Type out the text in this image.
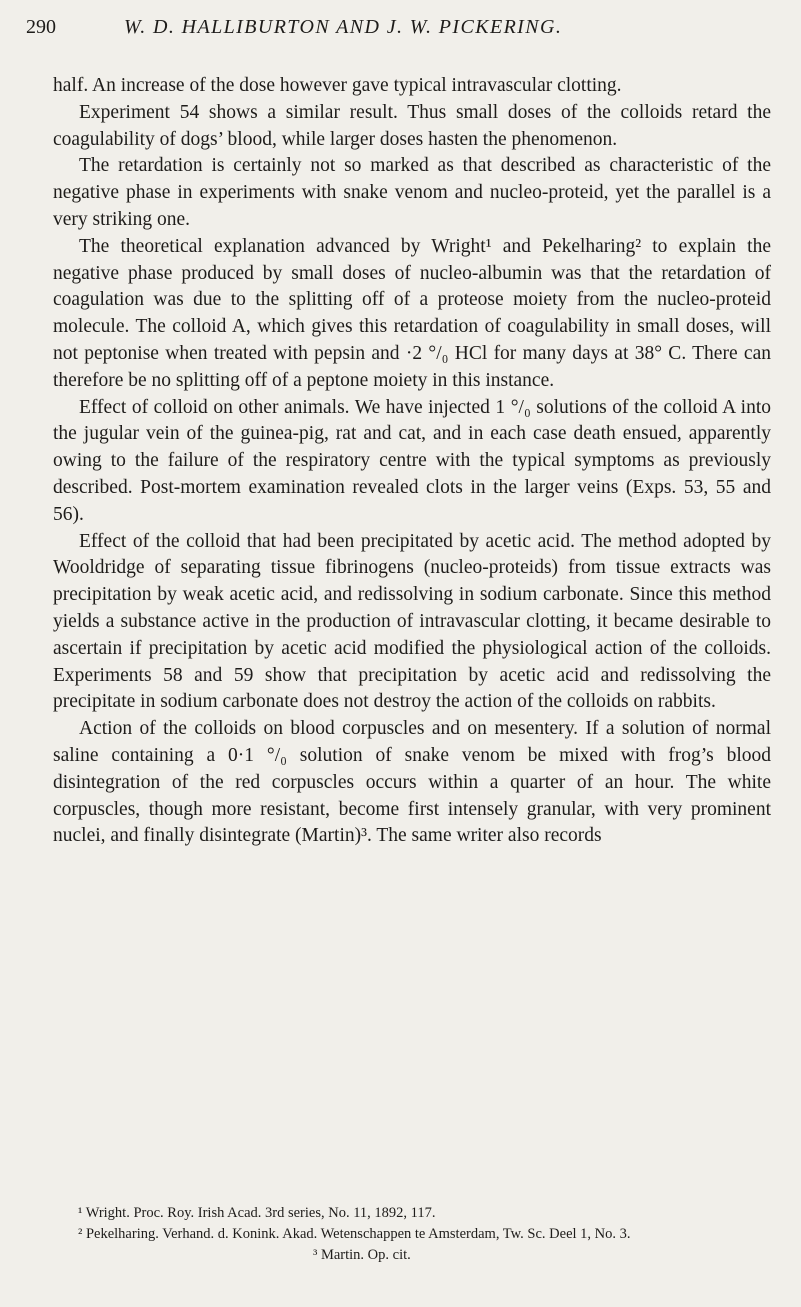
290	W. D. HALLIBURTON AND J. W. PICKERING.

half. An increase of the dose however gave typical intravascular clotting.

Experiment 54 shows a similar result. Thus small doses of the colloids retard the coagulability of dogs’ blood, while larger doses hasten the phenomenon.

The retardation is certainly not so marked as that described as characteristic of the negative phase in experiments with snake venom and nucleo-proteid, yet the parallel is a very striking one.

The theoretical explanation advanced by Wright¹ and Pekelharing² to explain the negative phase produced by small doses of nucleo-albumin was that the retardation of coagulation was due to the splitting off of a proteose moiety from the nucleo-proteid molecule. The colloid A, which gives this retardation of coagulability in small doses, will not peptonise when treated with pepsin and ·2 °/₀ HCl for many days at 38° C. There can therefore be no splitting off of a peptone moiety in this instance.

Effect of colloid on other animals. We have injected 1 °/₀ solutions of the colloid A into the jugular vein of the guinea-pig, rat and cat, and in each case death ensued, apparently owing to the failure of the respiratory centre with the typical symptoms as previously described. Post-mortem examination revealed clots in the larger veins (Exps. 53, 55 and 56).

Effect of the colloid that had been precipitated by acetic acid. The method adopted by Wooldridge of separating tissue fibrinogens (nucleo-proteids) from tissue extracts was precipitation by weak acetic acid, and redissolving in sodium carbonate. Since this method yields a substance active in the production of intravascular clotting, it became desirable to ascertain if precipitation by acetic acid modified the physiological action of the colloids. Experiments 58 and 59 show that precipitation by acetic acid and redissolving the precipitate in sodium carbonate does not destroy the action of the colloids on rabbits.

Action of the colloids on blood corpuscles and on mesentery. If a solution of normal saline containing a 0·1 °/₀ solution of snake venom be mixed with frog’s blood disintegration of the red corpuscles occurs within a quarter of an hour. The white corpuscles, though more resistant, become first intensely granular, with very prominent nuclei, and finally disintegrate (Martin)³. The same writer also records

¹ Wright. Proc. Roy. Irish Acad. 3rd series, No. 11, 1892, 117.

² Pekelharing. Verhand. d. Konink. Akad. Wetenschappen te Amsterdam, Tw. Sc. Deel 1, No. 3.

³ Martin. Op. cit.
